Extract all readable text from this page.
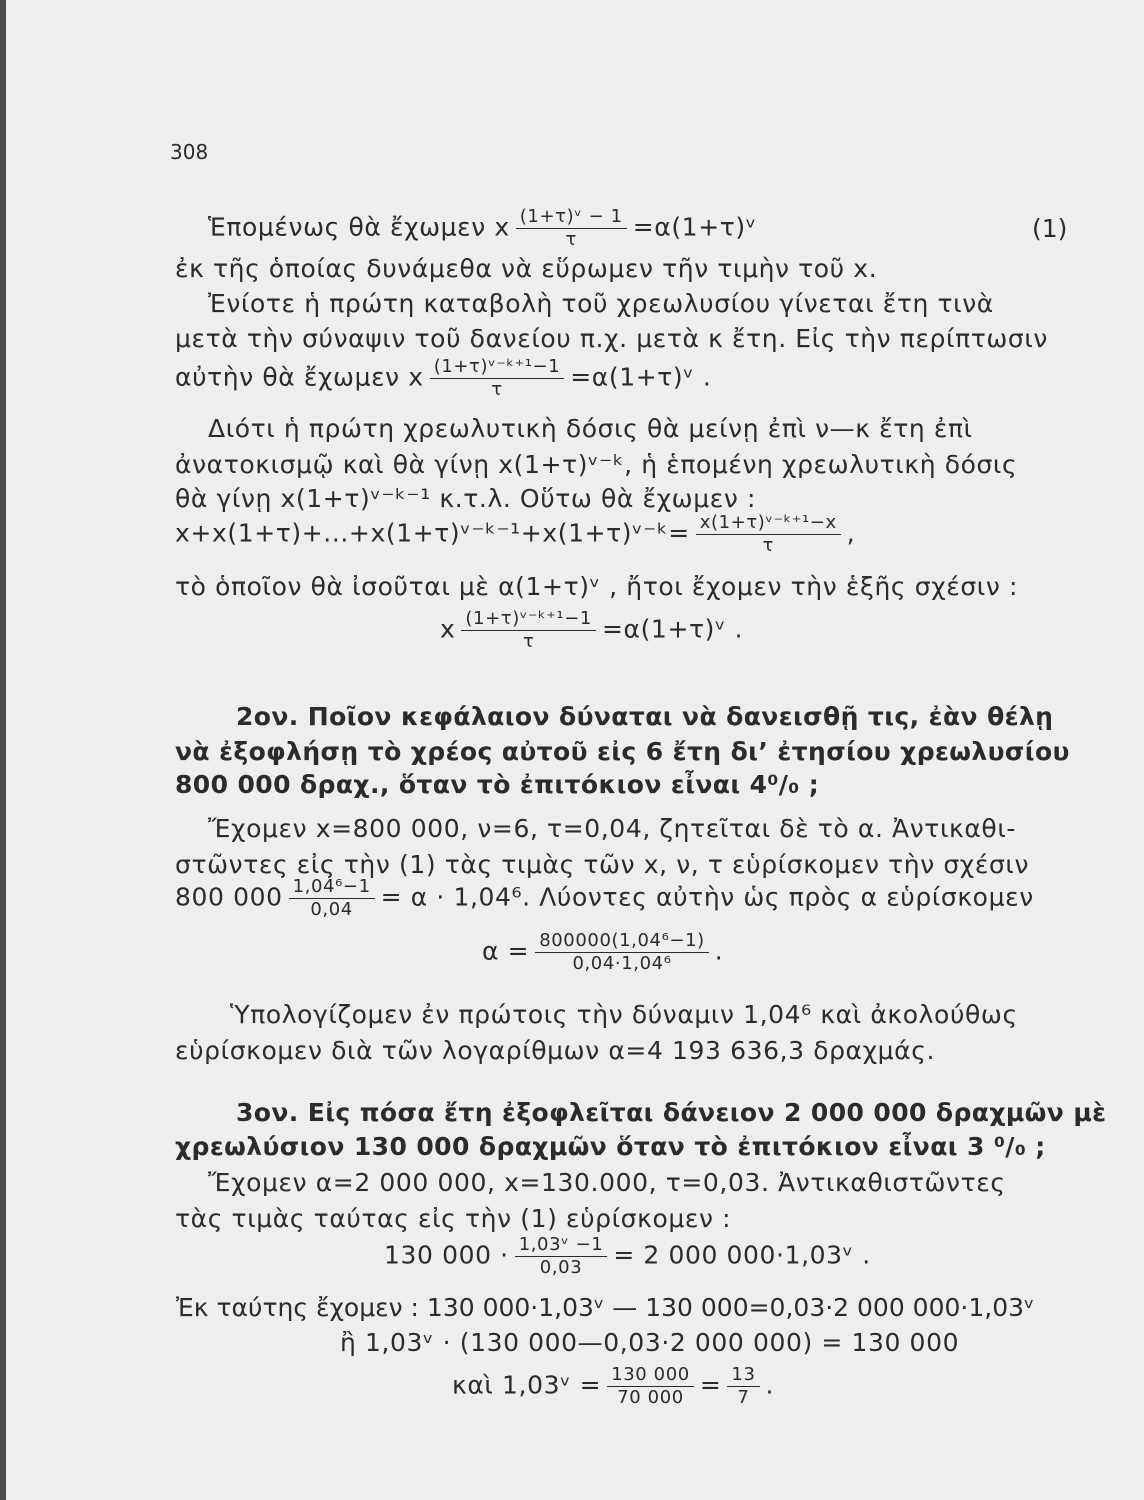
308
Ἑπομένως θὰ ἔχωμεν x $\frac{\text{(1+τ)ᵛ − 1}}{\tau}$ =α(1+τ)ᵛ	(1)
ἐκ τῆς ὁποίας δυνάμεθα νὰ εὕρωμεν τῆν τιμὴν τοῦ x.
Ἐνίοτε ἡ πρώτη καταβολὴ τοῦ χρεωλυσίου γίνεται ἔτη τινὰ
μετὰ τὴν σύναψιν τοῦ δανείου π.χ. μετὰ κ ἔτη. Εἰς τὴν περίπτωσιν
αὐτὴν θὰ ἔχωμεν x $\frac{\text{(1+τ)ᵛ⁻ᵏ⁺¹−1}}{\tau}$ =α(1+τ)ᵛ .
Διότι ἡ πρώτη χρεωλυτικὴ δόσις θὰ μείνῃ ἐπὶ ν—κ ἔτη ἐπὶ
ἀνατοκισμῷ καὶ θὰ γίνῃ x(1+τ)ᵛ⁻ᵏ, ἡ ἑπομένη χρεωλυτικὴ δόσις
θὰ γίνῃ x(1+τ)ᵛ⁻ᵏ⁻¹ κ.τ.λ. Οὕτω θὰ ἔχωμεν :
x+x(1+τ)+...+x(1+τ)ᵛ⁻ᵏ⁻¹+x(1+τ)ᵛ⁻ᵏ= $\frac{\text{x(1+τ)ᵛ⁻ᵏ⁺¹−x}}{\tau}$ ,
τὸ ὁποῖον θὰ ἰσοῦται μὲ α(1+τ)ᵛ , ἤτοι ἔχομεν τὴν ἑξῆς σχέσιν :
x $\frac{\text{(1+τ)ᵛ⁻ᵏ⁺¹−1}}{\tau}$ =α(1+τ)ᵛ .
2ον. Ποῖον κεφάλαιον δύναται νὰ δανεισθῇ τις, ἐὰν θέλῃ
νὰ ἐξοφλήσῃ τὸ χρέος αὐτοῦ εἰς 6 ἔτη δι’ ἐτησίου χρεωλυσίου
800 000 δραχ., ὅταν τὸ ἐπιτόκιον εἶναι 4⁰/₀ ;
Ἔχομεν x=800 000, ν=6, τ=0,04, ζητεῖται δὲ τὸ α. Ἀντικαθι-
στῶντες εἰς τὴν (1) τὰς τιμὰς τῶν x, ν, τ εὑρίσκομεν τὴν σχέσιν
800 $000 \frac{\text{1,04⁶−1}}{0,04} = \alpha \cdot 1,04^6$. Λύοντες αὐτὴν ὡς πρὸς α εὑρίσκομεν
$\alpha = \frac{\text{800000(1,04⁶−1)}}{\text{0,04·1,04⁶}}$ .
Ὑπολογίζομεν ἐν πρώτοις τὴν δύναμιν 1,04⁶ καὶ ἀκολούθως
εὑρίσκομεν διὰ τῶν λογαρίθμων α=4 193 636,3 δραχμάς.
3ον. Εἰς πόσα ἔτη ἐξοφλεῖται δάνειον 2 000 000 δραχμῶν μὲ
χρεωλύσιον 130 000 δραχμῶν ὅταν τὸ ἐπιτόκιον εἶναι 3 ⁰/₀ ;
Ἔχομεν α=2 000 000, x=130.000, τ=0,03. Ἀντικαθιστῶντες
τὰς τιμὰς ταύτας εἰς τὴν (1) εὑρίσκομεν :
130 $000 \cdot \frac{\text{1,03ᵛ −1}}{0,03} = 2$ 000 000·1,03ᵛ .
Ἐκ ταύτης ἔχομεν : 130 000·1,03ᵛ — 130 000=0,03·2 000 000·1,03ᵛ
ἢ 1,03ᵛ · (130 000—0,03·2 000 000) = 130 000
καὶ 1,03ᵛ = $\frac{130 000}{70 000} = \frac{13}{7}$ .
